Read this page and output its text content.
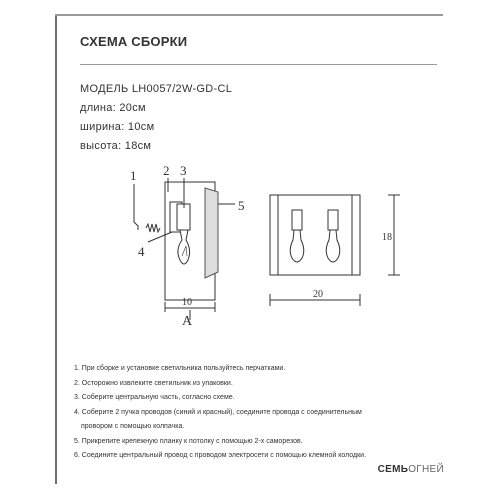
СХЕМА СБОРКИ
МОДЕЛЬ LH0057/2W-GD-CL
длина: 20см
ширина: 10см
высота: 18см
1 2 3
4
5
10
A
20
18
1. При сборке и установке светильника пользуйтесь перчатками.
2. Осторожно извлеките светильник из упаковки.
3. Соберите центральную часть, согласно схеме.
4. Соберите 2 пучка проводов (синий и красный), соедините провода с соединительным
провором с помощью колпачка.
5. Прикрепите крепежную планку к потолку с помощью 2-х саморезов.
6. Соедините центральный провод с проводом электросети с помощью клемной колодки.
СЕМЬОГНЕЙ
